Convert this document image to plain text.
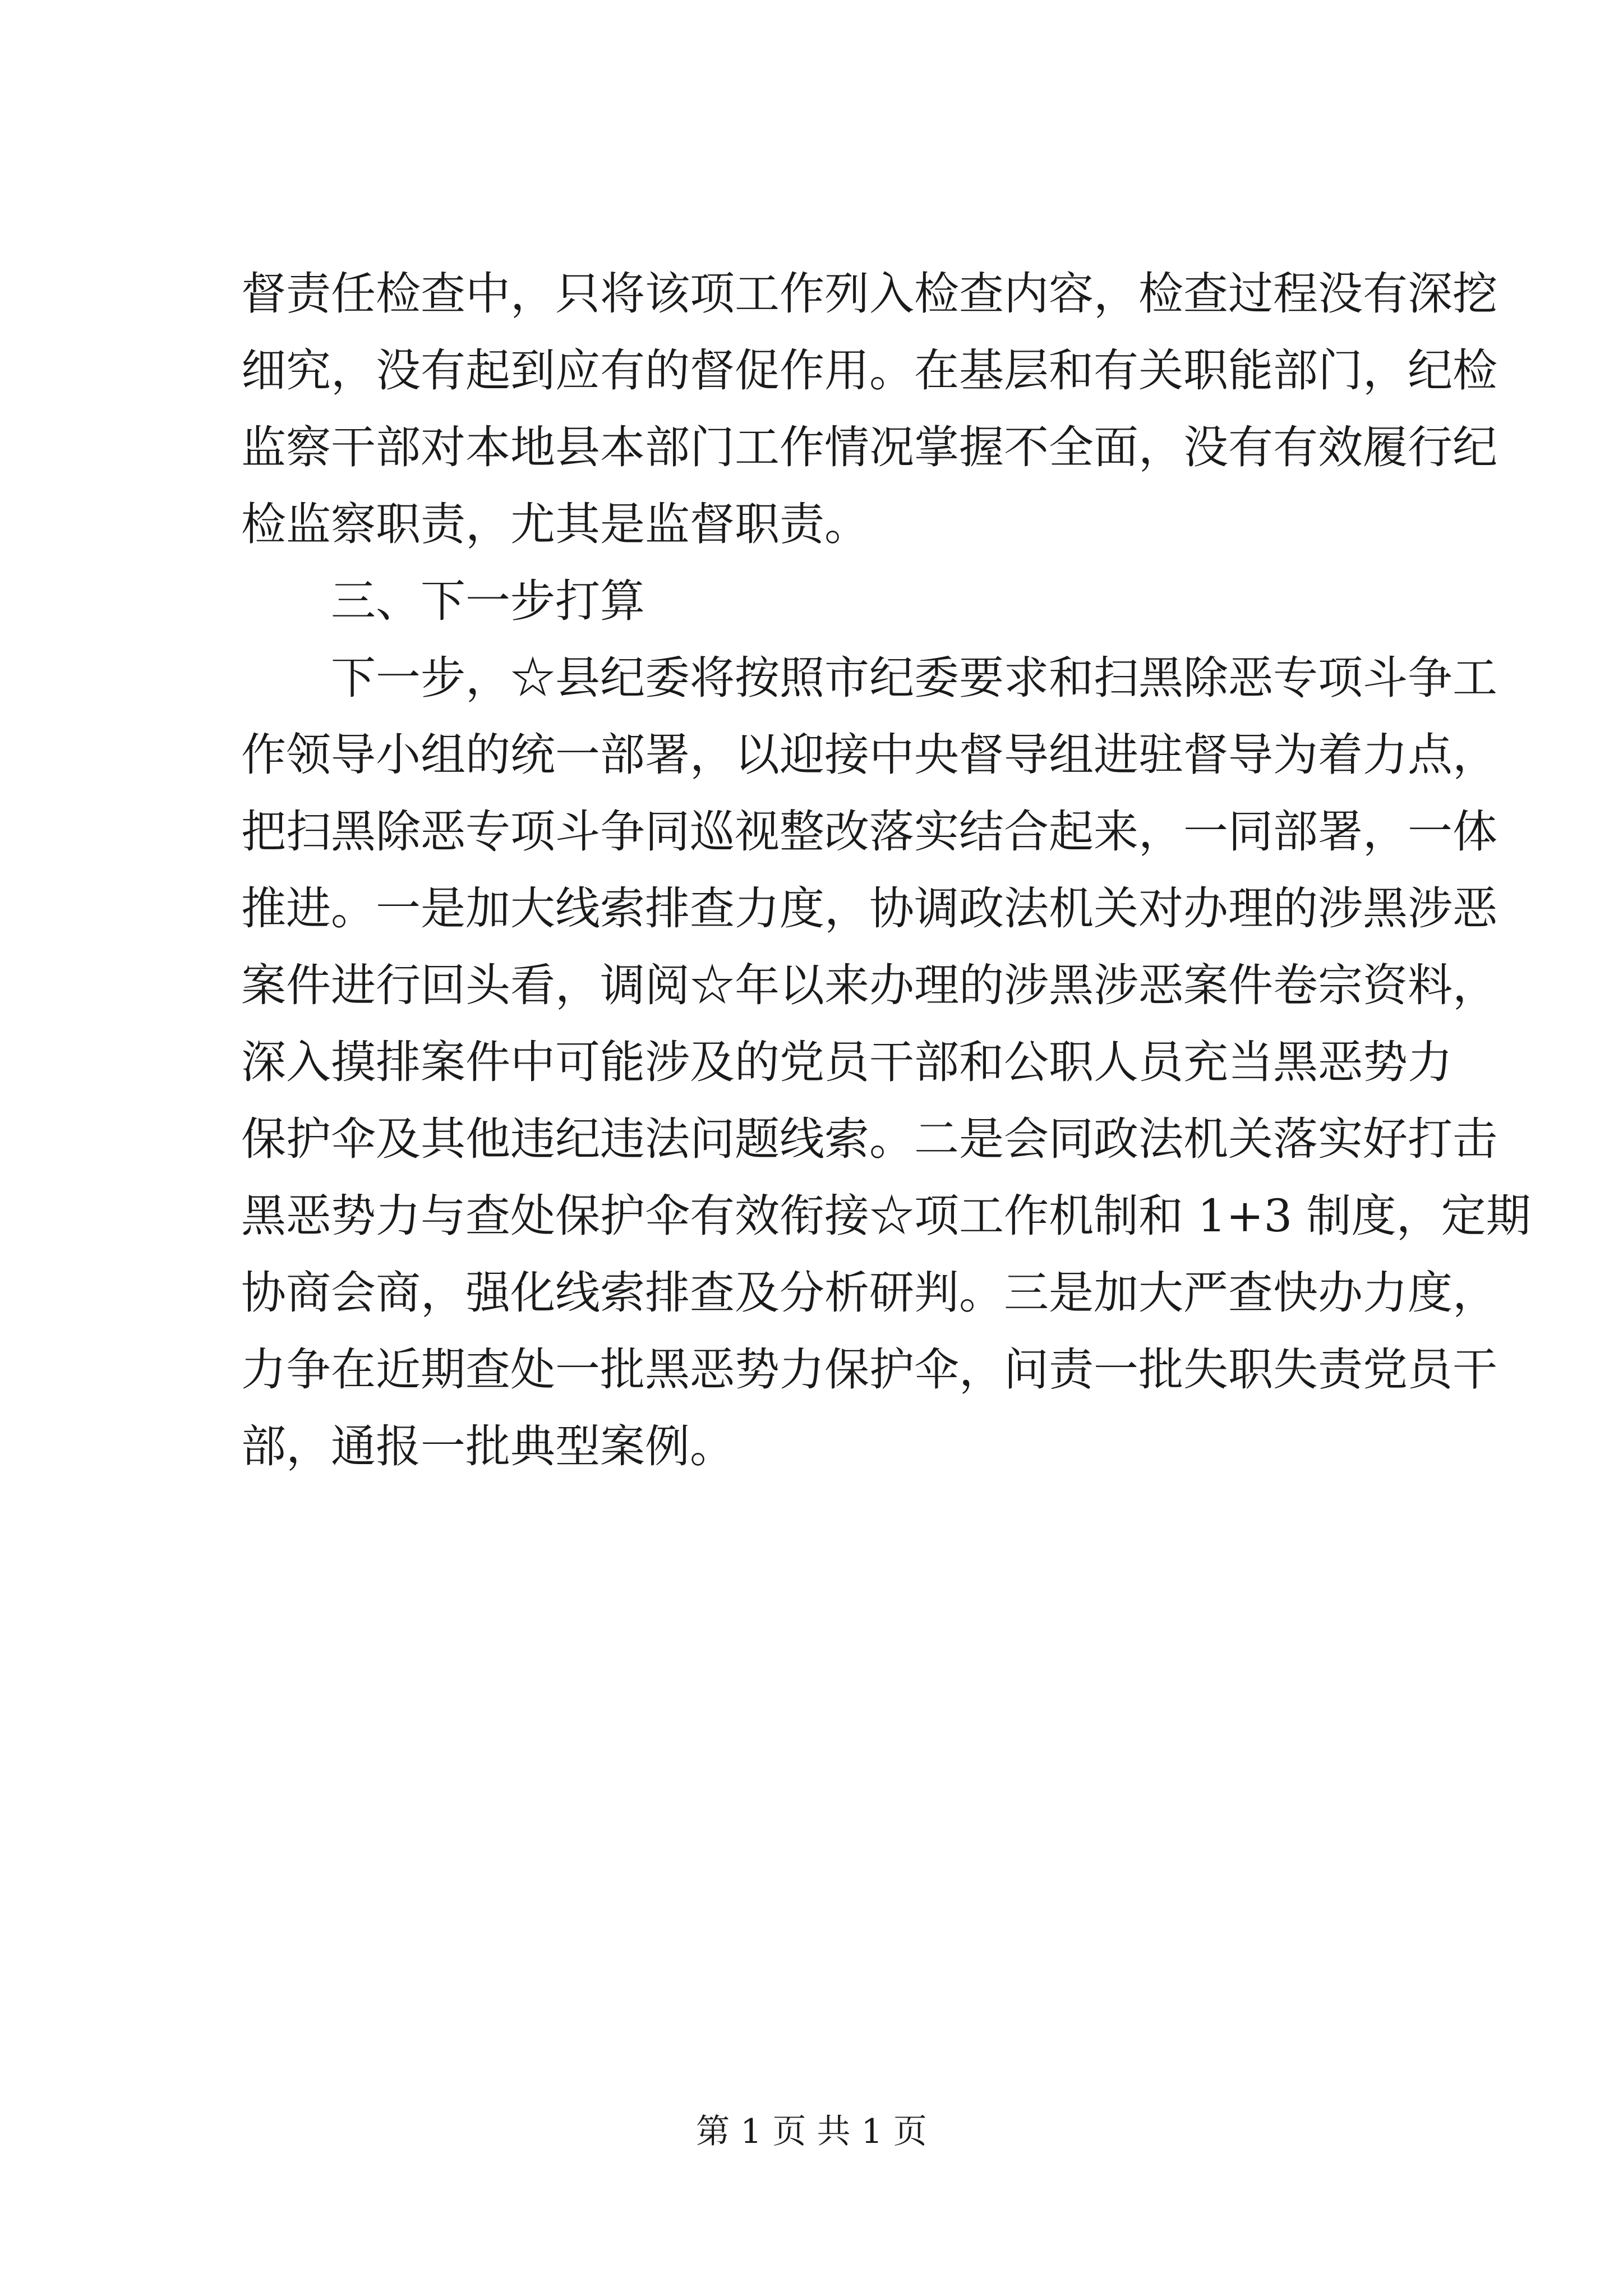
督责任检查中，只将该项工作列入检查内容，检查过程没有深挖
细究，没有起到应有的督促作用。在基层和有关职能部门，纪检
监察干部对本地县本部门工作情况掌握不全面，没有有效履行纪
检监察职责，尤其是监督职责。
三、下一步打算
下一步，☆县纪委将按照市纪委要求和扫黑除恶专项斗争工
作领导小组的统一部署，以迎接中央督导组进驻督导为着力点，
把扫黑除恶专项斗争同巡视整改落实结合起来，一同部署，一体
推进。一是加大线索排查力度，协调政法机关对办理的涉黑涉恶
案件进行回头看，调阅☆年以来办理的涉黑涉恶案件卷宗资料，
深入摸排案件中可能涉及的党员干部和公职人员充当黑恶势力
保护伞及其他违纪违法问题线索。二是会同政法机关落实好打击
黑恶势力与查处保护伞有效衔接☆项工作机制和 1+3 制度，定期
协商会商，强化线索排查及分析研判。三是加大严查快办力度，
力争在近期查处一批黑恶势力保护伞，问责一批失职失责党员干
部，通报一批典型案例。
第 1 页 共 1 页
